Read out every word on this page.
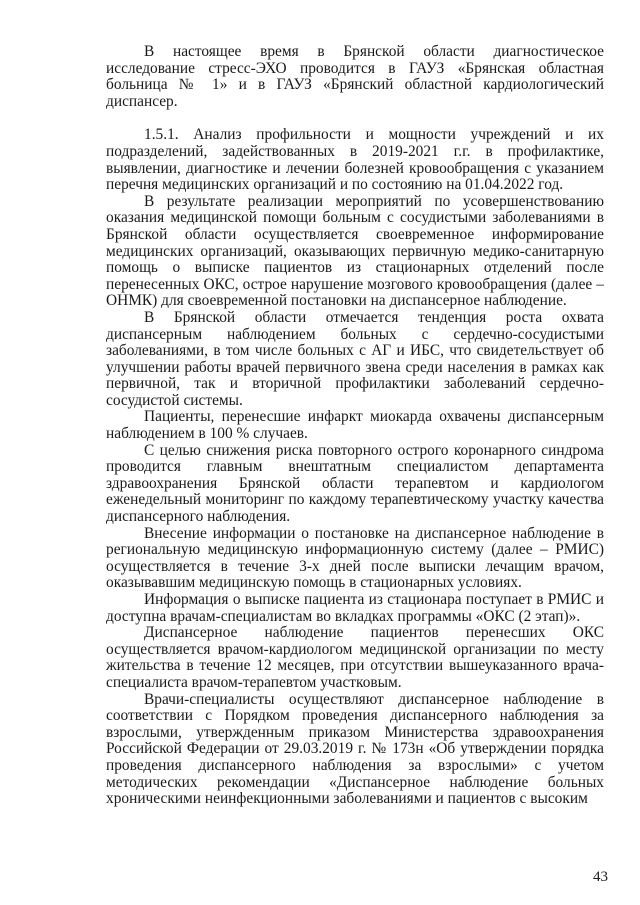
В настоящее время в Брянской области диагностическое исследование стресс-ЭХО проводится в ГАУЗ «Брянская областная больница № 1» и в ГАУЗ «Брянский областной кардиологический диспансер.

1.5.1. Анализ профильности и мощности учреждений и их подразделений, задействованных в 2019-2021 г.г. в профилактике, выявлении, диагностике и лечении болезней кровообращения с указанием перечня медицинских организаций и по состоянию на 01.04.2022 год.

В результате реализации мероприятий по усовершенствованию оказания медицинской помощи больным с сосудистыми заболеваниями в Брянской области осуществляется своевременное информирование медицинских организаций, оказывающих первичную медико-санитарную помощь о выписке пациентов из стационарных отделений после перенесенных ОКС, острое нарушение мозгового кровообращения (далее – ОНМК) для своевременной постановки на диспансерное наблюдение.

В Брянской области отмечается тенденция роста охвата диспансерным наблюдением больных с сердечно-сосудистыми заболеваниями, в том числе больных с АГ и ИБС, что свидетельствует об улучшении работы врачей первичного звена среди населения в рамках как первичной, так и вторичной профилактики заболеваний сердечно-сосудистой системы.

Пациенты, перенесшие инфаркт миокарда охвачены диспансерным наблюдением в 100 % случаев.

С целью снижения риска повторного острого коронарного синдрома проводится главным внештатным специалистом департамента здравоохранения Брянской области терапевтом и кардиологом еженедельный мониторинг по каждому терапевтическому участку качества диспансерного наблюдения.

Внесение информации о постановке на диспансерное наблюдение в региональную медицинскую информационную систему (далее – РМИС) осуществляется в течение 3-х дней после выписки лечащим врачом, оказывавшим медицинскую помощь в стационарных условиях.

Информация о выписке пациента из стационара поступает в РМИС и доступна врачам-специалистам во вкладках программы «ОКС (2 этап)».

Диспансерное наблюдение пациентов перенесших ОКС осуществляется врачом-кардиологом медицинской организации по месту жительства в течение 12 месяцев, при отсутствии вышеуказанного врача-специалиста врачом-терапевтом участковым.

Врачи-специалисты осуществляют диспансерное наблюдение в соответствии с Порядком проведения диспансерного наблюдения за взрослыми, утвержденным приказом Министерства здравоохранения Российской Федерации от 29.03.2019 г. № 173н «Об утверждении порядка проведения диспансерного наблюдения за взрослыми» с учетом методических рекомендации «Диспансерное наблюдение больных хроническими неинфекционными заболеваниями и пациентов с высоким

43
